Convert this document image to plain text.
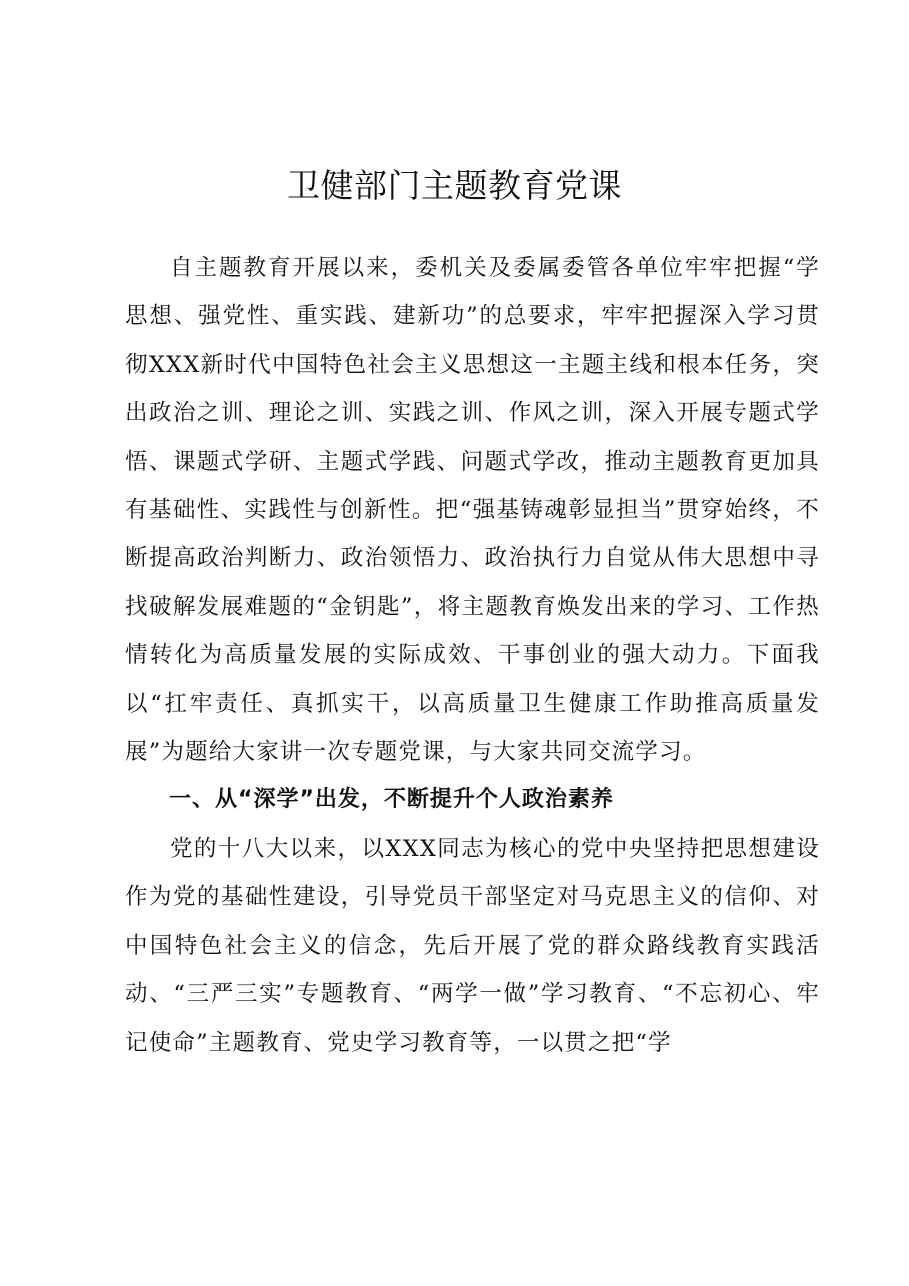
卫健部门主题教育党课

自主题教育开展以来，委机关及委属委管各单位牢牢把握“学思想、强党性、重实践、建新功”的总要求，牢牢把握深入学习贯彻XXX新时代中国特色社会主义思想这一主题主线和根本任务，突出政治之训、理论之训、实践之训、作风之训，深入开展专题式学悟、课题式学研、主题式学践、问题式学改，推动主题教育更加具有基础性、实践性与创新性。把“强基铸魂彰显担当”贯穿始终，不断提高政治判断力、政治领悟力、政治执行力自觉从伟大思想中寻找破解发展难题的“金钥匙”，将主题教育焕发出来的学习、工作热情转化为高质量发展的实际成效、干事创业的强大动力。下面我以“扛牢责任、真抓实干，以高质量卫生健康工作助推高质量发展”为题给大家讲一次专题党课，与大家共同交流学习。

一、从“深学”出发，不断提升个人政治素养

党的十八大以来，以XXX同志为核心的党中央坚持把思想建设作为党的基础性建设，引导党员干部坚定对马克思主义的信仰、对中国特色社会主义的信念，先后开展了党的群众路线教育实践活动、“三严三实”专题教育、“两学一做”学习教育、“不忘初心、牢记使命”主题教育、党史学习教育等，一以贯之把“学
